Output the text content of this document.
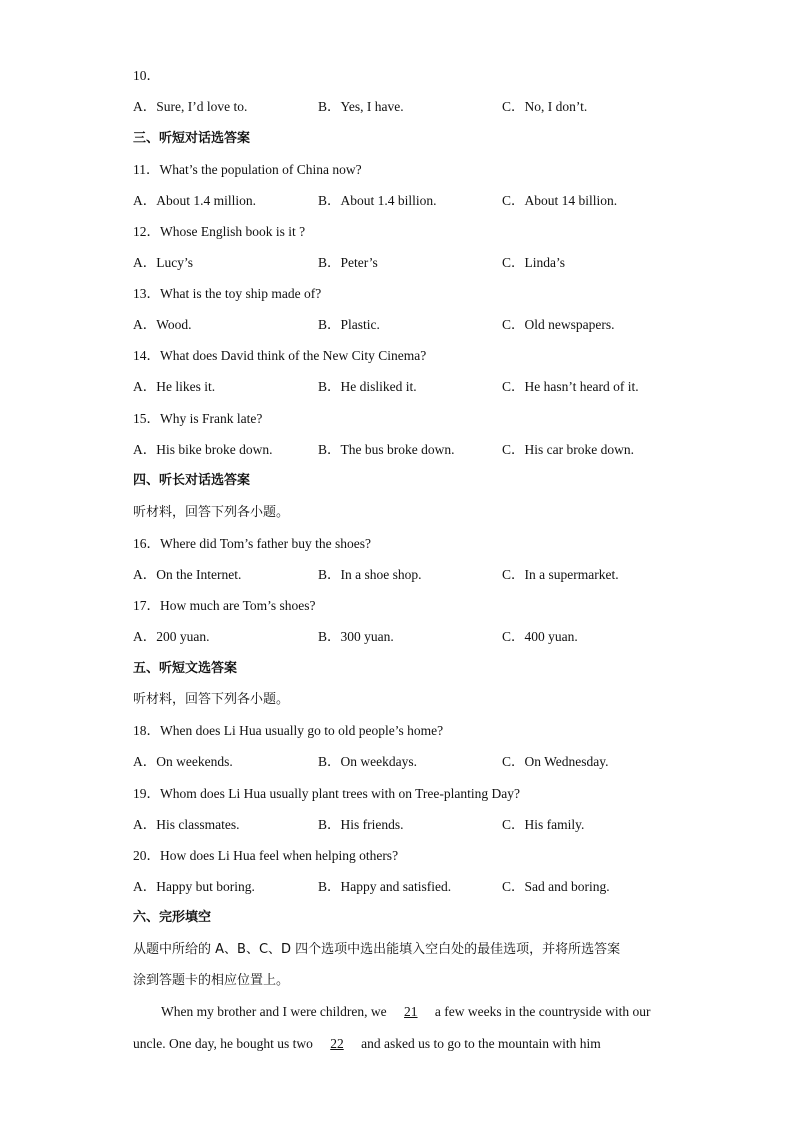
10．
A．Sure, I’d love to.	B．Yes, I have.	C．No, I don’t.
三、听短对话选答案
11．What’s the population of China now?
A．About 1.4 million.	B．About 1.4 billion.	C．About 14 billion.
12．Whose English book is it ?
A．Lucy’s	B．Peter’s	C．Linda’s
13．What is the toy ship made of?
A．Wood.	B．Plastic.	C．Old newspapers.
14．What does David think of the New City Cinema?
A．He likes it.	B．He disliked it.	C．He hasn’t heard of it.
15．Why is Frank late?
A．His bike broke down.	B．The bus broke down.	C．His car broke down.
四、听长对话选答案
听材料，回答下列各小题。
16．Where did Tom’s father buy the shoes?
A．On the Internet.	B．In a shoe shop.	C．In a supermarket.
17．How much are Tom’s shoes?
A．200 yuan.	B．300 yuan.	C．400 yuan.
五、听短文选答案
听材料，回答下列各小题。
18．When does Li Hua usually go to old people’s home?
A．On weekends.	B．On weekdays.	C．On Wednesday.
19．Whom does Li Hua usually plant trees with on Tree-planting Day?
A．His classmates.	B．His friends.	C．His family.
20．How does Li Hua feel when helping others?
A．Happy but boring.	B．Happy and satisfied.	C．Sad and boring.
六、完形填空
从题中所给的 A、B、C、D 四个选项中选出能填入空白处的最佳选项，并将所选答案
涂到答题卡的相应位置上。
When my brother and I were children, we 21 a few weeks in the countryside with our uncle. One day, he bought us two 22 and asked us to go to the mountain with him
